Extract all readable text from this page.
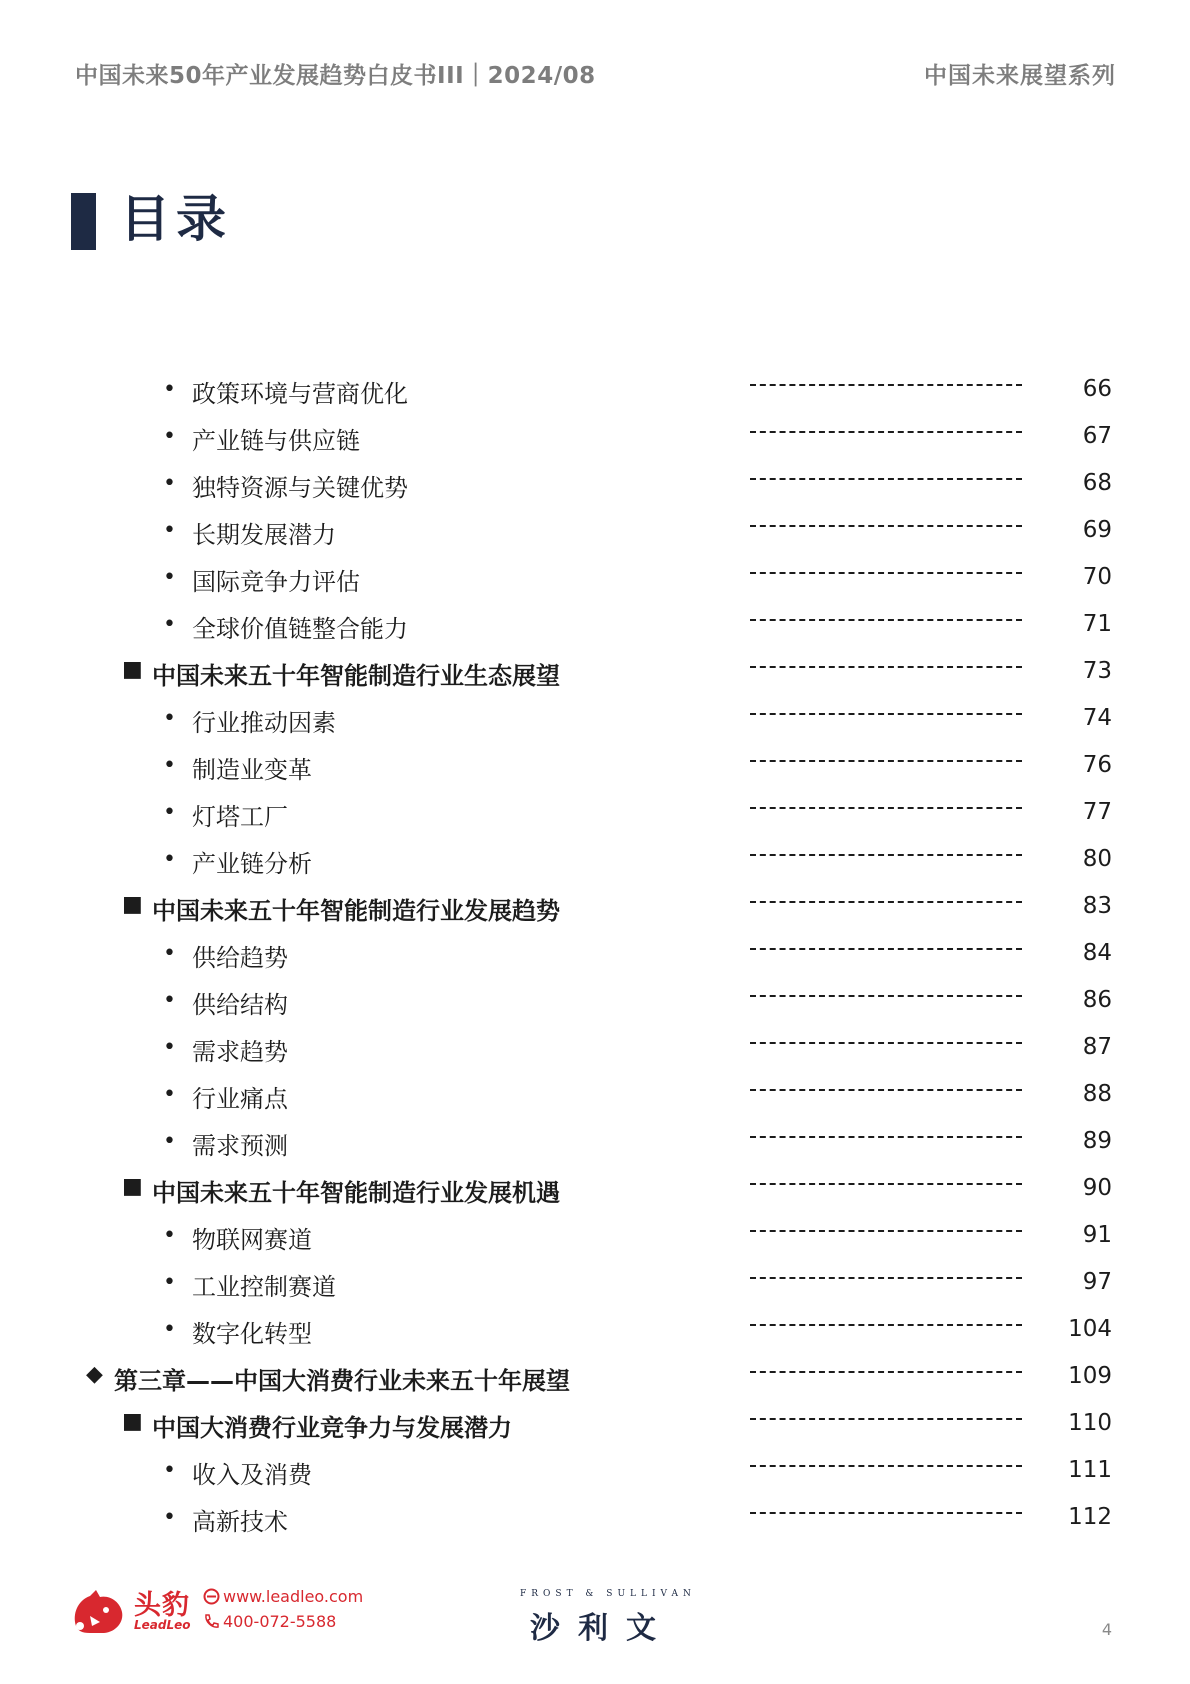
中国未来50年产业发展趋势白皮书III｜2024/08	中国未来展望系列
目录
• 政策环境与营商优化	66
• 产业链与供应链	67
• 独特资源与关键优势	68
• 长期发展潜力	69
• 国际竞争力评估	70
• 全球价值链整合能力	71
■ 中国未来五十年智能制造行业生态展望	73
• 行业推动因素	74
• 制造业变革	76
• 灯塔工厂	77
• 产业链分析	80
■ 中国未来五十年智能制造行业发展趋势	83
• 供给趋势	84
• 供给结构	86
• 需求趋势	87
• 行业痛点	88
• 需求预测	89
■ 中国未来五十年智能制造行业发展机遇	90
• 物联网赛道	91
• 工业控制赛道	97
• 数字化转型	104
◆ 第三章——中国大消费行业未来五十年展望	109
■ 中国大消费行业竞争力与发展潜力	110
• 收入及消费	111
• 高新技术	112
头豹
LeadLeo
www.leadleo.com
400-072-5588
FROST & SULLIVAN
沙利文	4
